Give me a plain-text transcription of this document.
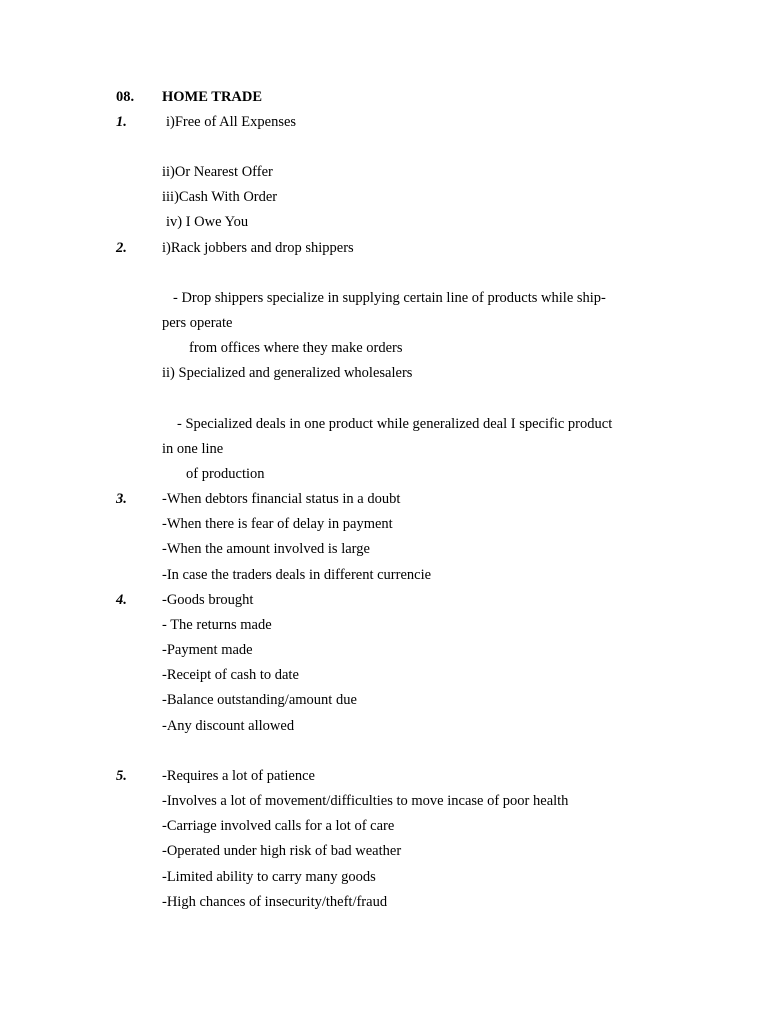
08. HOME TRADE
1.	i)Free of All Expenses
ii)Or Nearest Offer
iii)Cash With Order
iv) I Owe You
2. i)Rack jobbers and drop shippers
- Drop shippers specialize in supplying certain line of products while ship-
pers operate
from offices where they make orders
ii) Specialized and generalized wholesalers
- Specialized deals in one product while generalized deal I specific product
in one line
of production
3. -When debtors financial status in a doubt
-When there is fear of delay in payment
-When the amount involved is large
-In case the traders deals in different currencie
4. -Goods brought
- The returns made
-Payment made
-Receipt of cash to date
-Balance outstanding/amount due
-Any discount allowed
5. -Requires a lot of patience
-Involves a lot of movement/difficulties to move incase of poor health
-Carriage involved calls for a lot of care
-Operated under high risk of bad weather
-Limited ability to carry many goods
-High chances of insecurity/theft/fraud
